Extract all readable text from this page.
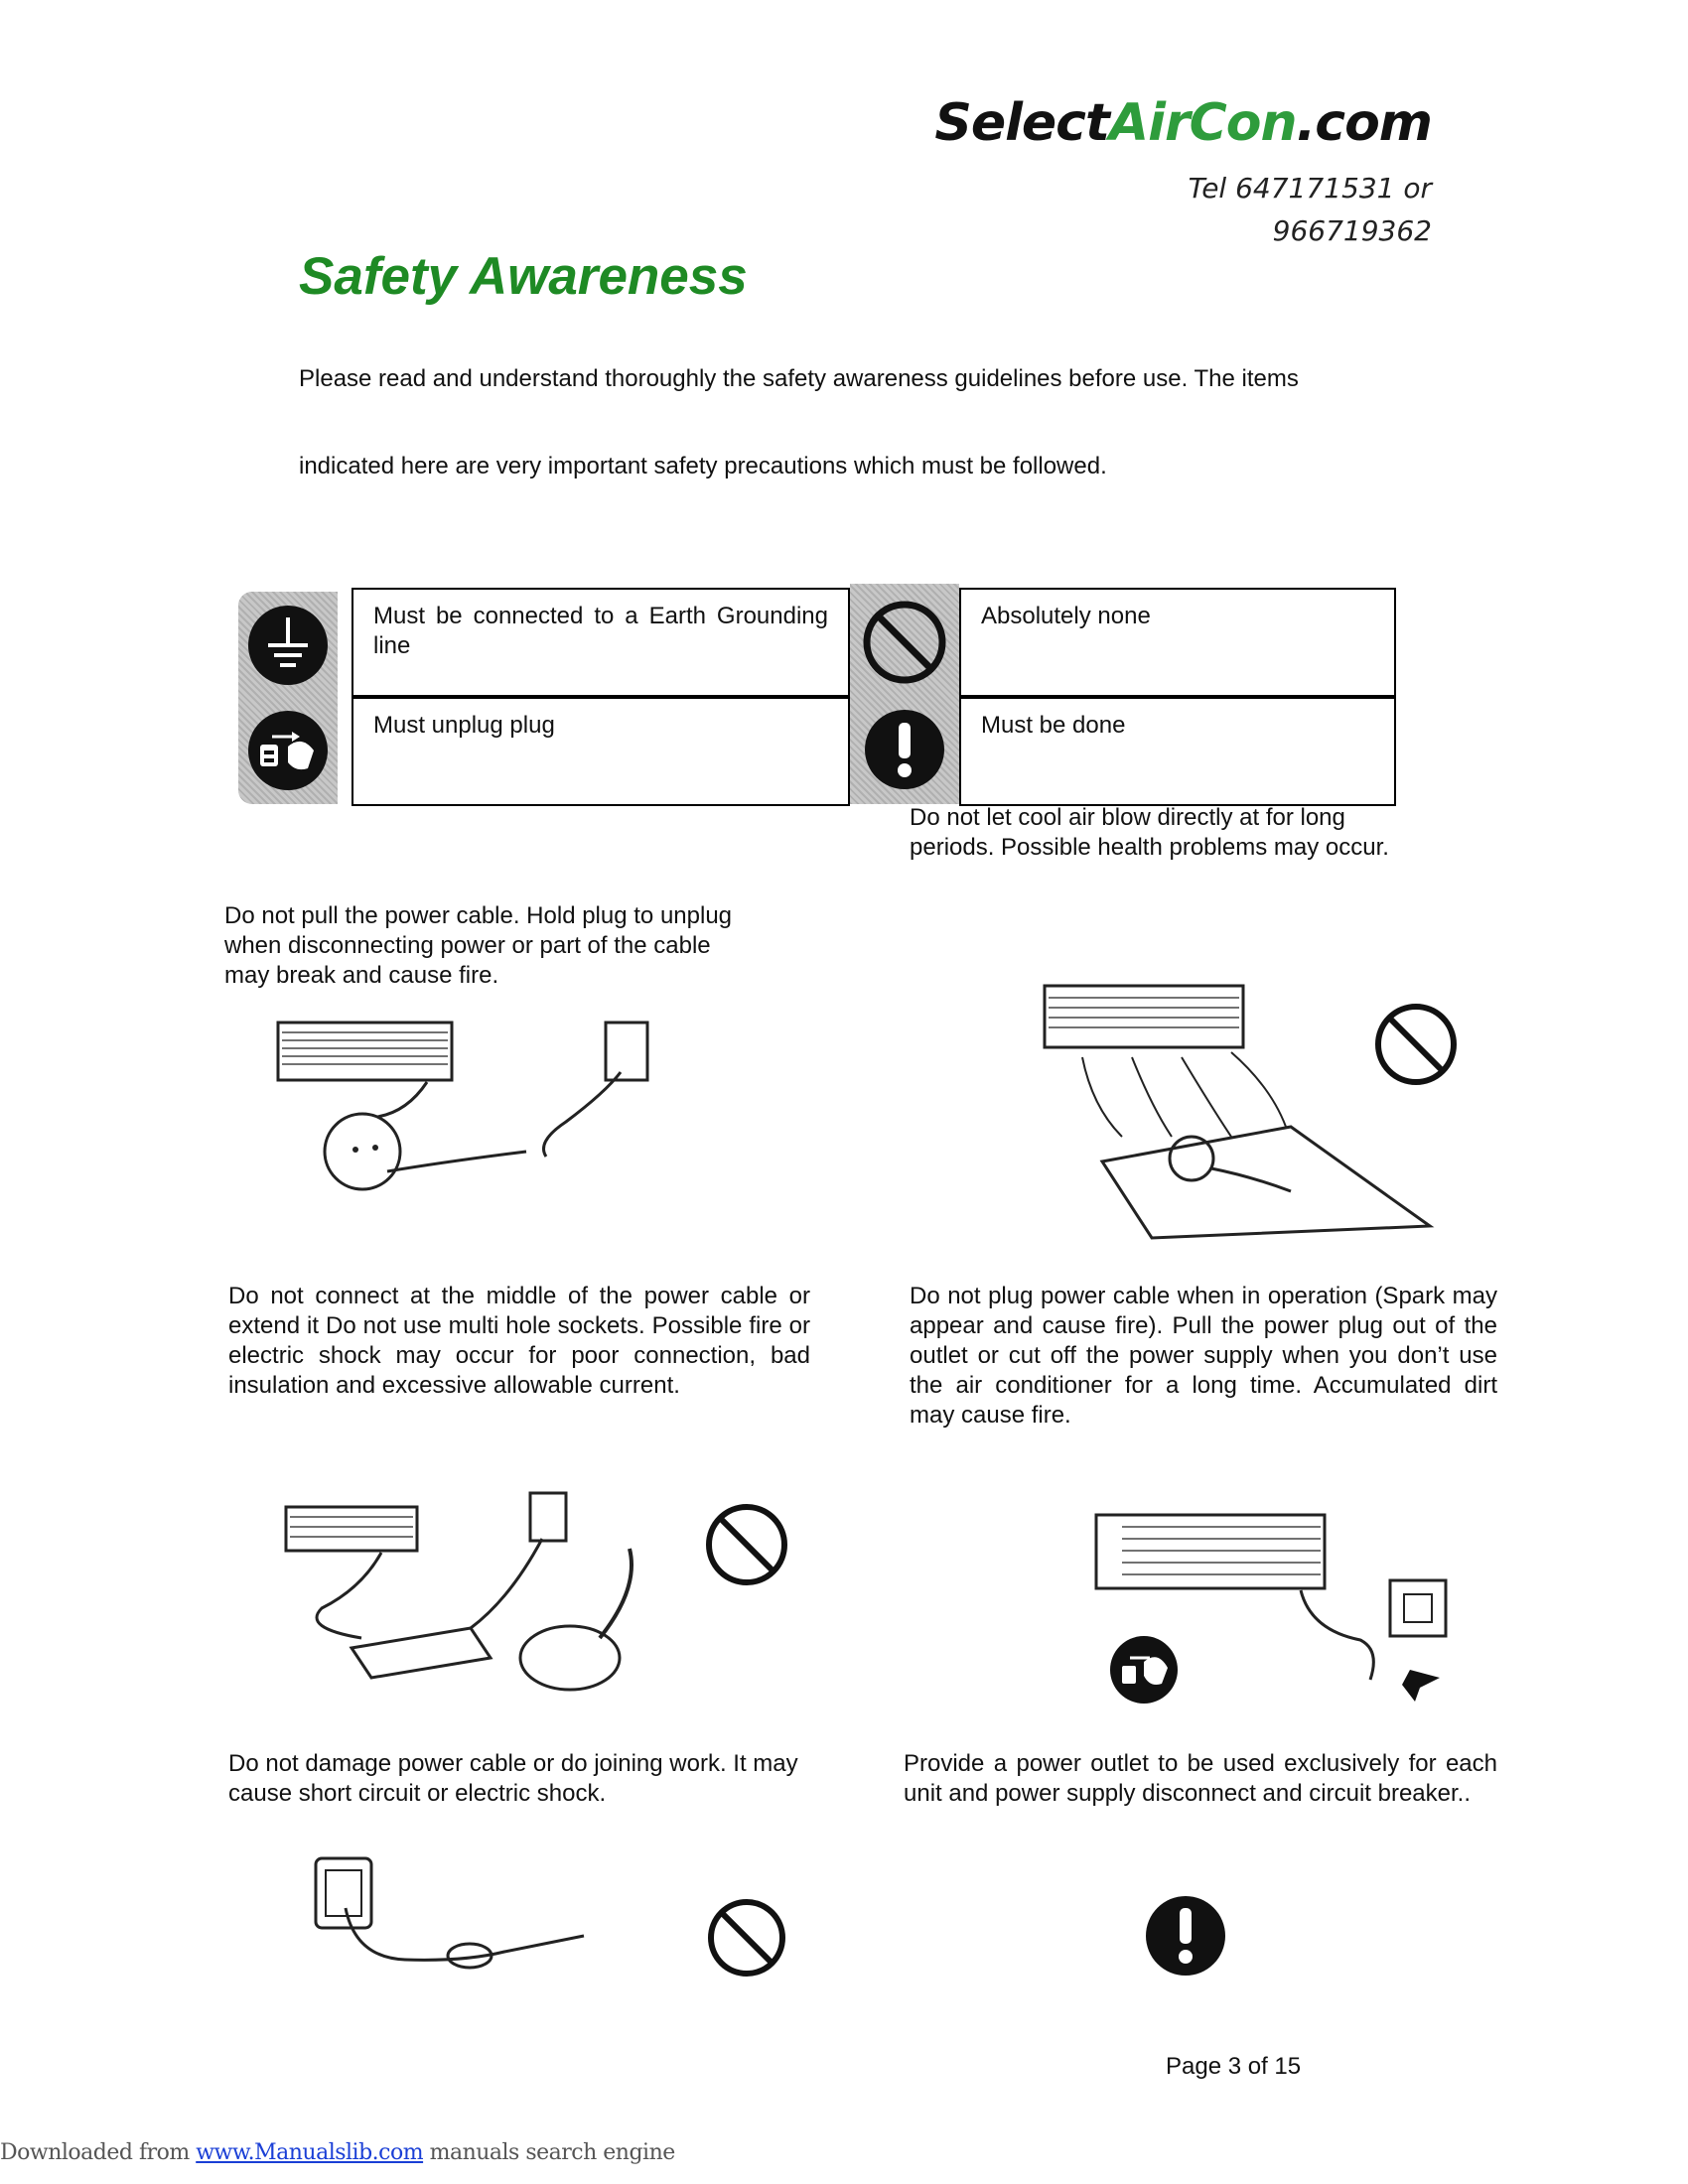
SelectAirCon.com
Tel 647171531 or
966719362
Safety Awareness
Please read and understand thoroughly the safety awareness guidelines before use. The items
indicated here are very important safety precautions which must be followed.
Must be connected to a Earth Grounding line
Must unplug plug
Absolutely none
Must be done
Do not let cool air blow directly at for long periods. Possible health problems may occur.
Do not pull the power cable. Hold plug to unplug when disconnecting power or part of the cable may break and cause fire.
Do not connect at the middle of the power cable or extend it Do not use multi hole sockets. Possible fire or electric shock may occur for poor connection, bad insulation and excessive allowable current.
Do not plug power cable when in operation (Spark may appear and cause fire). Pull the power plug out of the outlet or cut off the power supply when you don’t use the air conditioner for a long time. Accumulated dirt may cause fire.
Do not damage power cable or do joining work. It may cause short circuit or electric shock.
Provide a power outlet to be used exclusively for each unit and power supply disconnect and circuit breaker..
Page 3 of 15
Downloaded from www.Manualslib.com manuals search engine
